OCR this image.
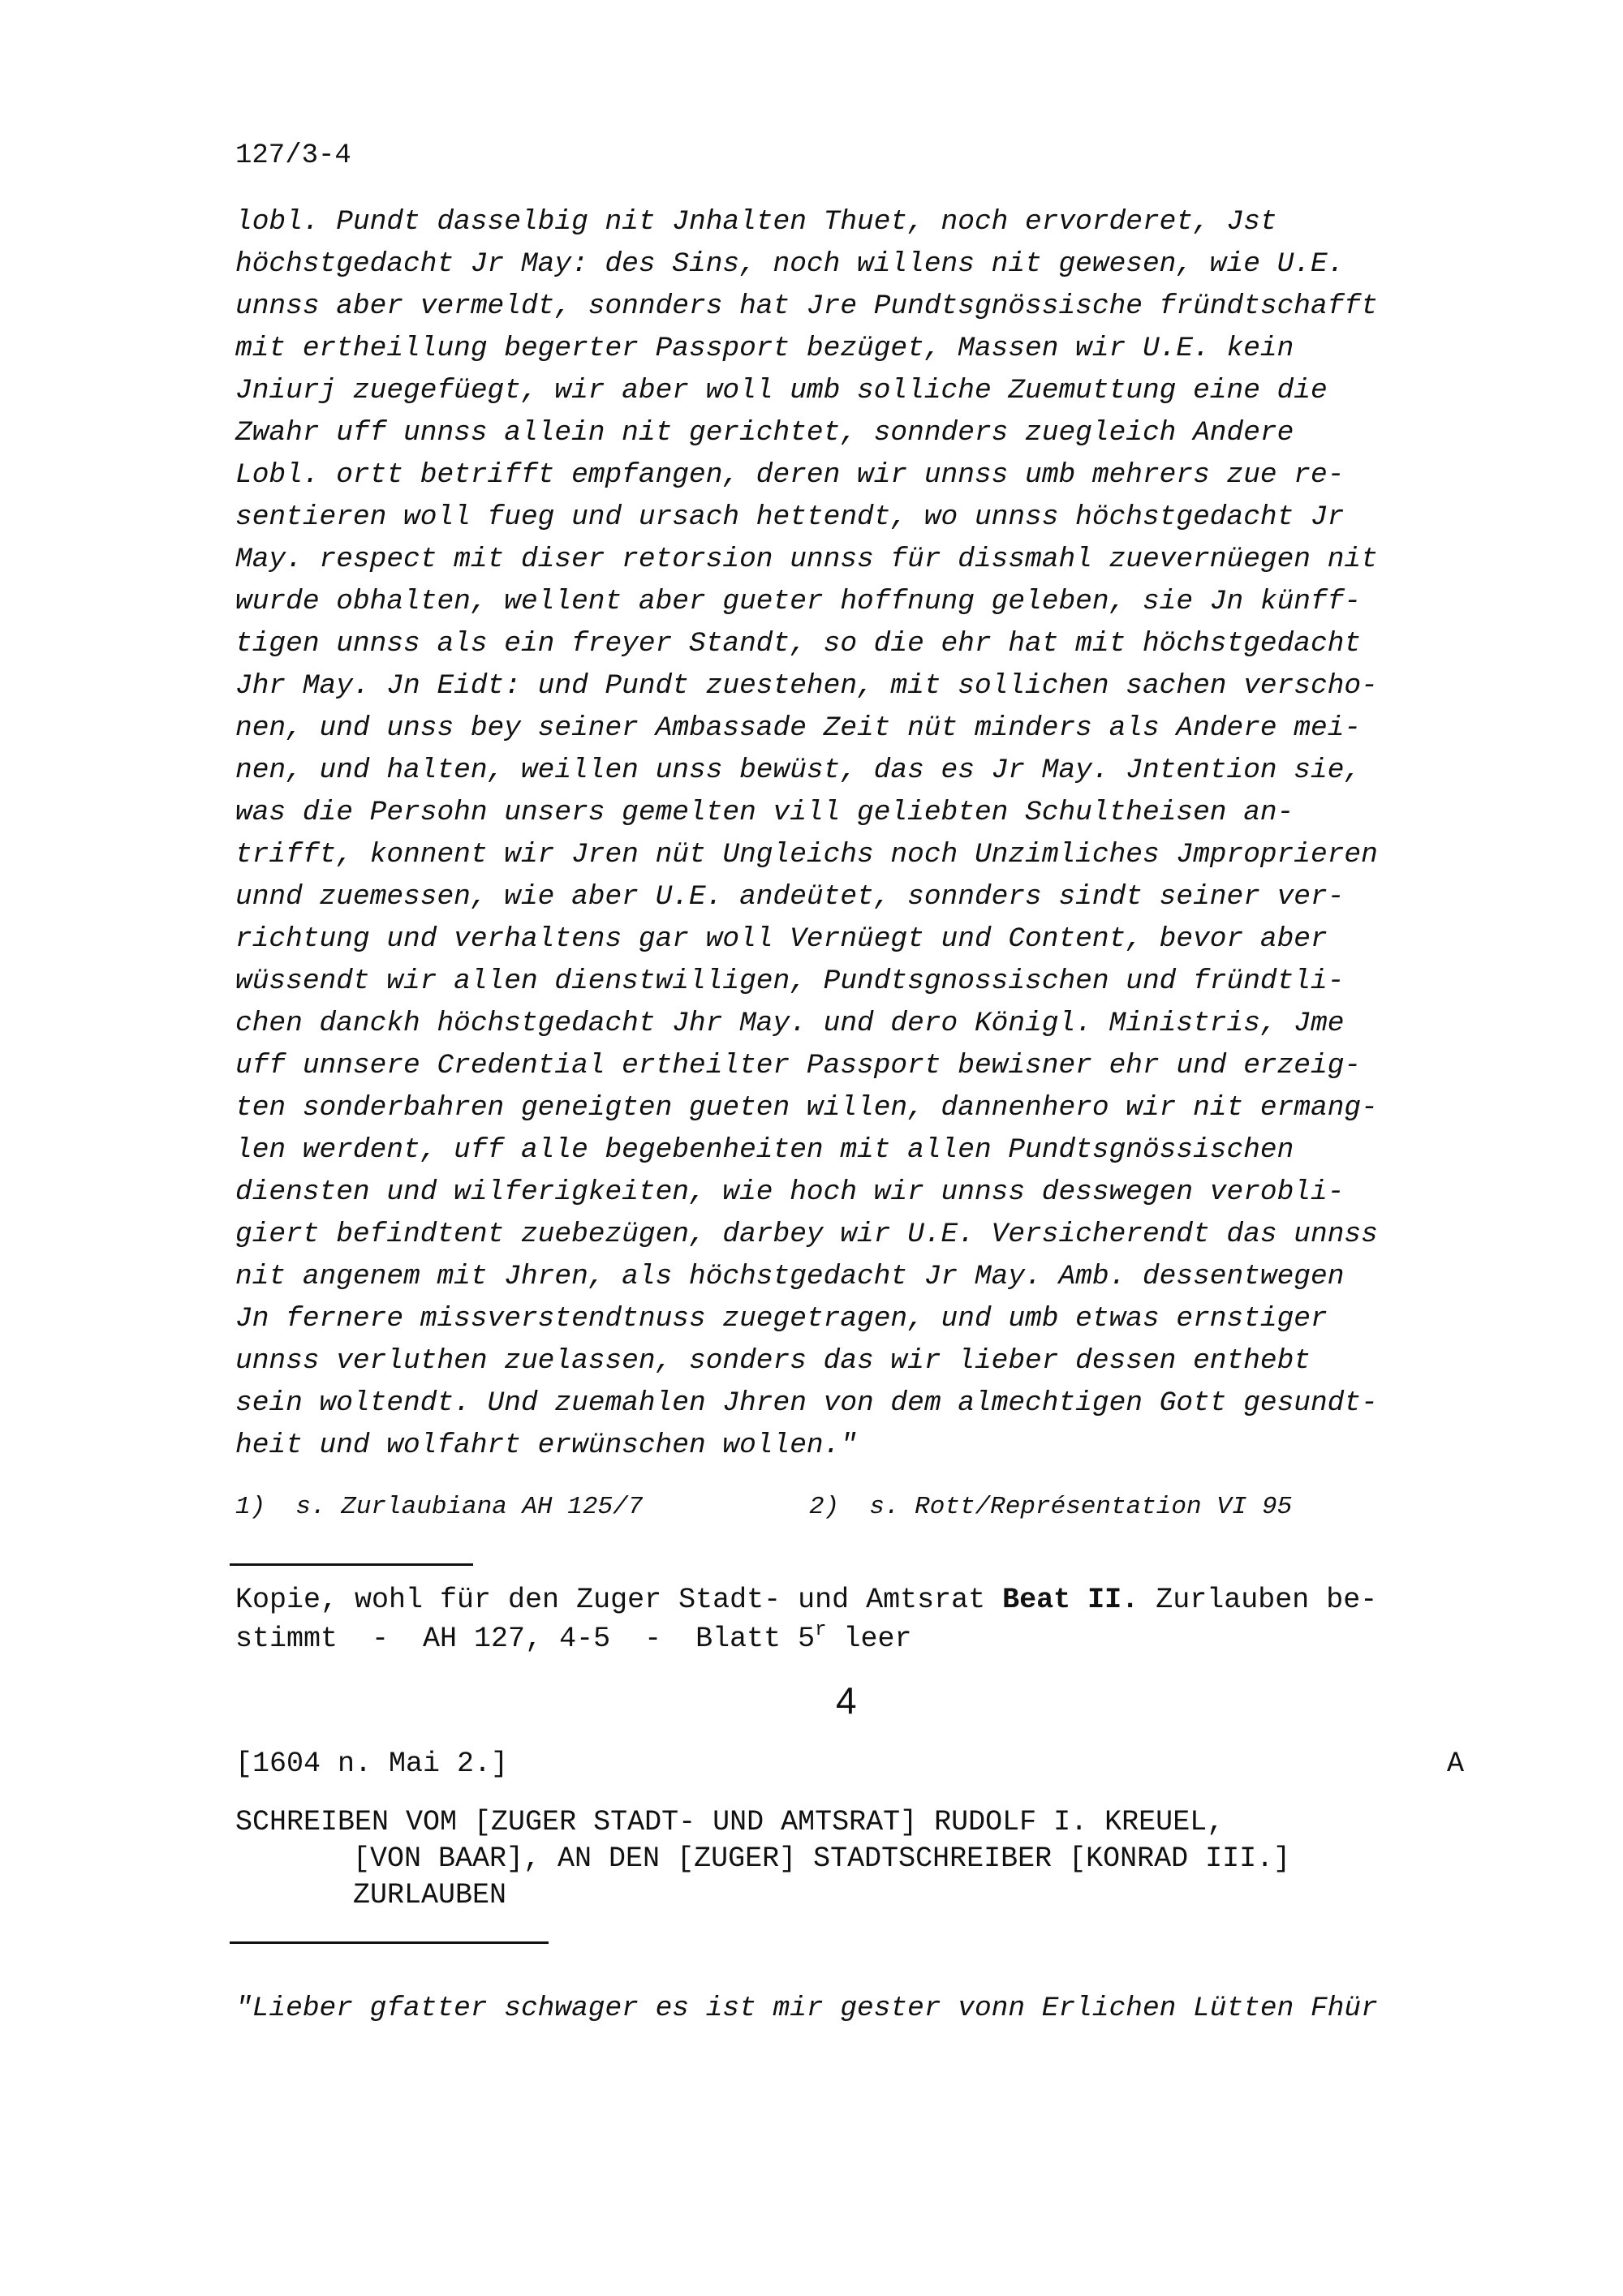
127/3-4
lobl. Pundt dasselbig nit Jnhalten Thuet, noch ervorderet, Jst
höchstgedacht Jr May: des Sins, noch willens nit gewesen, wie U.E.
unnss aber vermeldt, sonnders hat Jre Pundtsgnössische fründtschafft
mit ertheillung begerter Passport bezüget, Massen wir U.E. kein
Jniurj zuegefüegt, wir aber woll umb solliche Zuemuttung eine die
Zwahr uff unnss allein nit gerichtet, sonnders zuegleich Andere
Lobl. ortt betrifft empfangen, deren wir unnss umb mehrers zue re-
sentieren woll fueg und ursach hettendt, wo unnss höchstgedacht Jr
May. respect mit diser retorsion unnss für dissmahl zuevernüegen nit
wurde obhalten, wellent aber gueter hoffnung geleben, sie Jn künff-
tigen unnss als ein freyer Standt, so die ehr hat mit höchstgedacht
Jhr May. Jn Eidt: und Pundt zuestehen, mit sollichen sachen verscho-
nen, und unss bey seiner Ambassade Zeit nüt minders als Andere mei-
nen, und halten, weillen unss bewüst, das es Jr May. Jntention sie,
was die Persohn unsers gemelten vill geliebten Schultheisen an-
trifft, konnent wir Jren nüt Ungleichs noch Unzimliches Jmproprieren
unnd zuemessen, wie aber U.E. andeütet, sonnders sindt seiner ver-
richtung und verhaltens gar woll Vernüegt und Content, bevor aber
wüssendt wir allen dienstwilligen, Pundtsgnossischen und fründtli-
chen danckh höchstgedacht Jhr May. und dero Königl. Ministris, Jme
uff unnsere Credential ertheilter Passport bewisner ehr und erzeig-
ten sonderbahren geneigten gueten willen, dannenhero wir nit ermang-
len werdent, uff alle begebenheiten mit allen Pundtsgnössischen
diensten und wilferigkeiten, wie hoch wir unnss desswegen verobli-
giert befindtent zuebezügen, darbey wir U.E. Versicherendt das unnss
nit angenem mit Jhren, als höchstgedacht Jr May. Amb. dessentwegen
Jn fernere missverstendtnuss zuegetragen, und umb etwas ernstiger
unnss verluthen zuelassen, sonders das wir lieber dessen enthebt
sein woltendt. Und zuemahlen Jhren von dem almechtigen Gott gesundt-
heit und wolfahrt erwünschen wollen."
1)  s. Zurlaubiana AH 125/7	2)  s. Rott/Représentation VI 95
Kopie, wohl für den Zuger Stadt- und Amtsrat Beat II. Zurlauben be-
stimmt  -  AH 127, 4-5  -  Blatt 5$^r$ leer
4
[1604 n. Mai 2.]	A
SCHREIBEN VOM [ZUGER STADT- UND AMTSRAT] RUDOLF I. KREUEL,
[VON BAAR], AN DEN [ZUGER] STADTSCHREIBER [KONRAD III.]
ZURLAUBEN
"Lieber gfatter schwager es ist mir gester vonn Erlichen Lütten Fhür
